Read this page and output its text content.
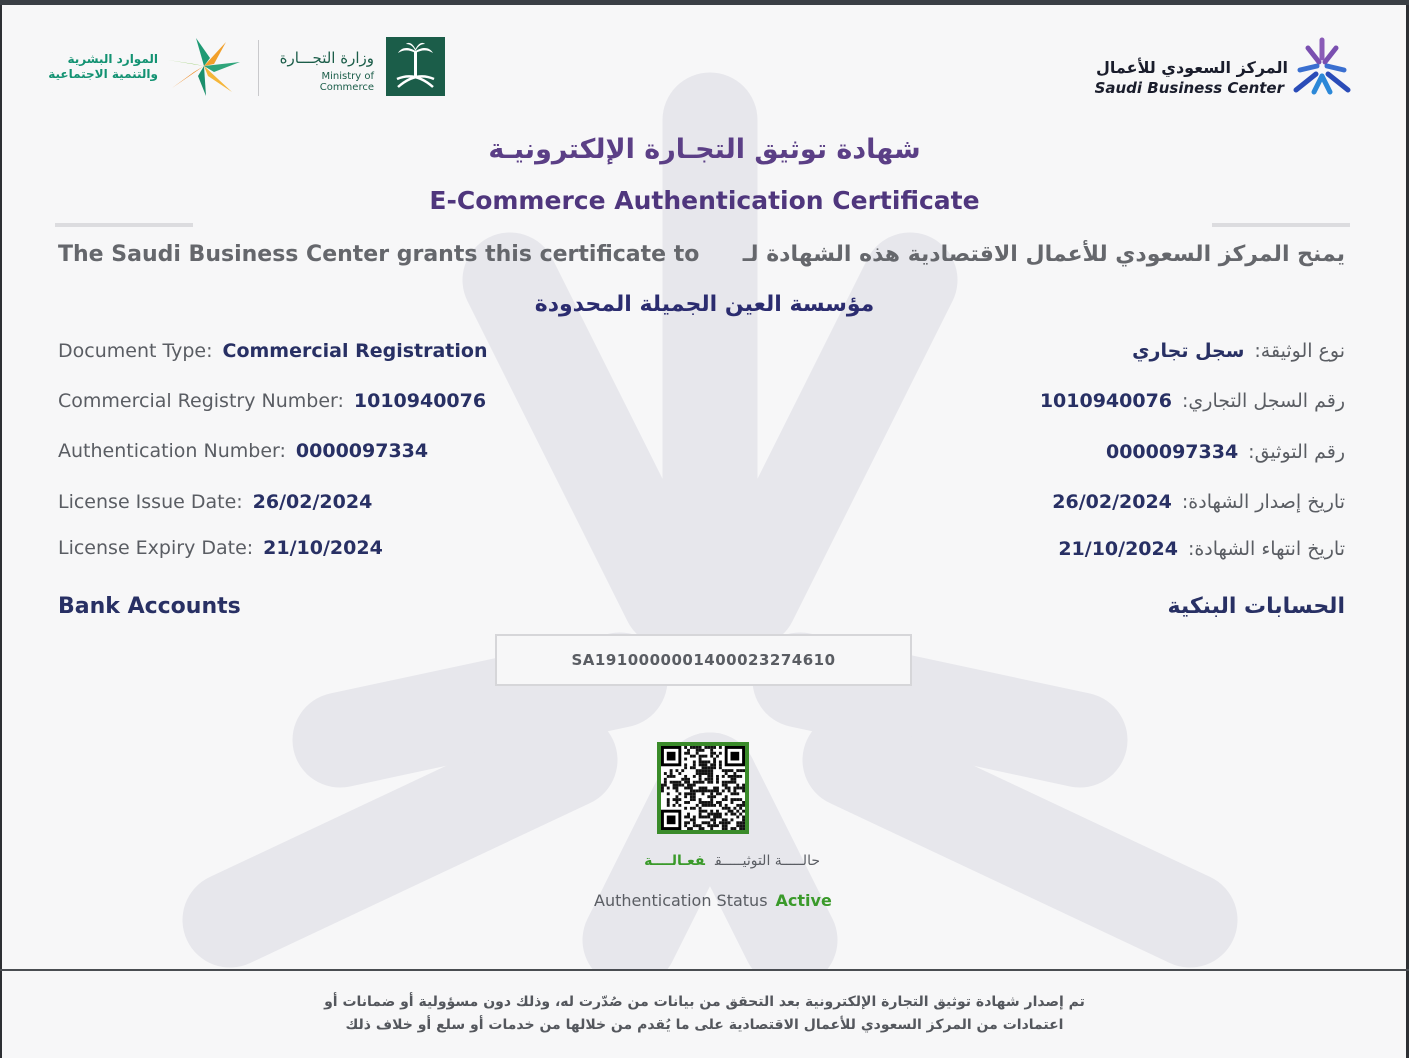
الموارد البشرية
والتنمية الاجتماعية
وزارة التجـــارة
Ministry of Commerce
المركز السعودي للأعمال
Saudi Business Center
شهادة توثيق التجـارة الإلكترونيـة
E-Commerce Authentication Certificate
The Saudi Business Center grants this certificate to يمنح المركز السعودي للأعمال الاقتصادية هذه الشهادة لـ
مؤسسة العين الجميلة المحدودة
Document Type: Commercial Registration
Commercial Registry Number: 1010940076
Authentication Number: 0000097334
License Issue Date: 26/02/2024
License Expiry Date: 21/10/2024
نوع الوثيقة:سجل تجاري
رقم السجل التجاري:1010940076
رقم التوثيق:0000097334
تاريخ إصدار الشهادة:26/02/2024
تاريخ انتهاء الشهادة:21/10/2024
Bank Accounts	الحسابات البنكية
SA1910000001400023274610
حالـــــة التوثيـــــقفعـالــــة
Authentication Status Active
تم إصدار شهادة توثيق التجارة الإلكترونية بعد التحقق من بيانات من صُدّرت له، وذلك دون مسؤولية أو ضمانات أو
اعتمادات من المركز السعودي للأعمال الاقتصادية على ما يُقدم من خلالها من خدمات أو سلع أو خلاف ذلك
